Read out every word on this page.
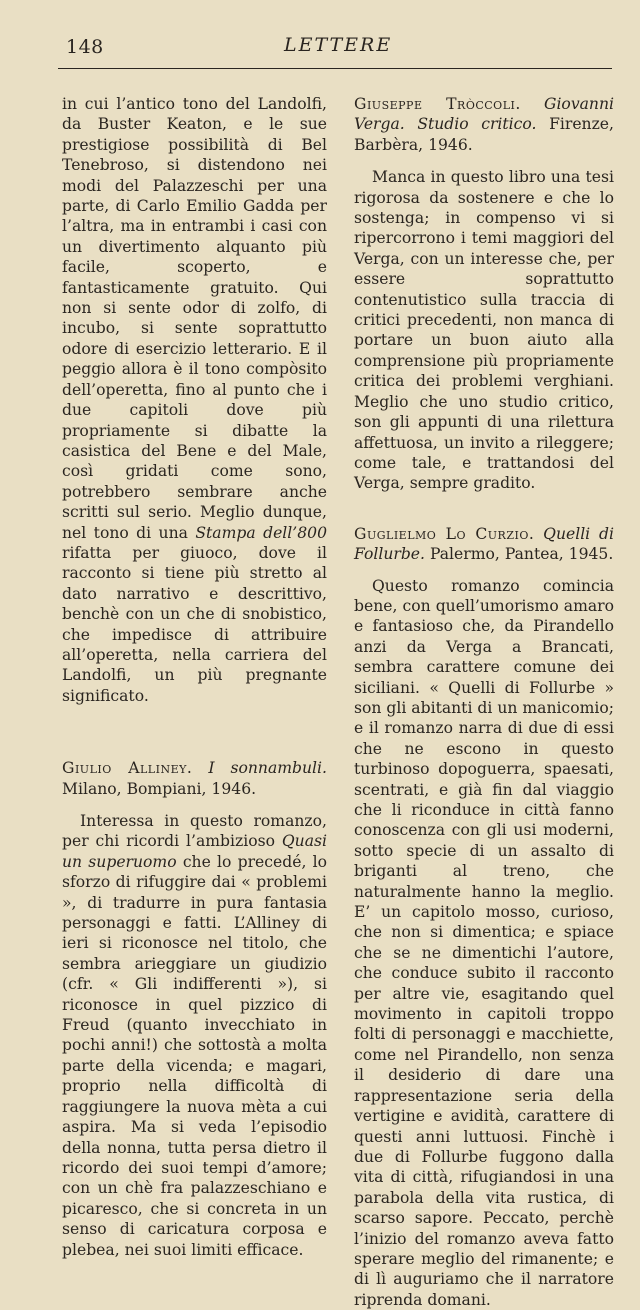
148	LETTERE

in cui l’antico tono del Landolfi, da Buster Keaton, e le sue prestigiose possibilità di Bel Tenebroso, si distendono nei modi del Palazzeschi per una parte, di Carlo Emilio Gadda per l’altra, ma in entrambi i casi con un divertimento alquanto più facile, scoperto, e fantasticamente gratuito. Qui non si sente odor di zolfo, di incubo, si sente soprattutto odore di esercizio letterario. E il peggio allora è il tono compòsito dell’operetta, fino al punto che i due capitoli dove più propriamente si dibatte la casistica del Bene e del Male, così gridati come sono, potrebbero sembrare anche scritti sul serio. Meglio dunque, nel tono di una Stampa dell’800 rifatta per giuoco, dove il racconto si tiene più stretto al dato narrativo e descrittivo, benchè con un che di snobistico, che impedisce di attribuire all’operetta, nella carriera del Landolfi, un più pregnante significato.

Giulio Alliney. I sonnambuli. Milano, Bompiani, 1946.

Interessa in questo romanzo, per chi ricordi l’ambizioso Quasi un superuomo che lo precedé, lo sforzo di rifuggire dai « problemi », di tradurre in pura fantasia personaggi e fatti. L’Alliney di ieri si riconosce nel titolo, che sembra arieggiare un giudizio (cfr. « Gli indifferenti »), si riconosce in quel pizzico di Freud (quanto invecchiato in pochi anni!) che sottostà a molta parte della vicenda; e magari, proprio nella difficoltà di raggiungere la nuova mèta a cui aspira. Ma si veda l’episodio della nonna, tutta persa dietro il ricordo dei suoi tempi d’amore; con un chè fra palazzeschiano e picaresco, che si concreta in un senso di caricatura corposa e plebea, nei suoi limiti efficace.

Giuseppe Tròccoli. Giovanni Verga. Studio critico. Firenze, Barbèra, 1946.

Manca in questo libro una tesi rigorosa da sostenere e che lo sostenga; in compenso vi si ripercorrono i temi maggiori del Verga, con un interesse che, per essere soprattutto contenutistico sulla traccia di critici precedenti, non manca di portare un buon aiuto alla comprensione più propriamente critica dei problemi verghiani. Meglio che uno studio critico, son gli appunti di una rilettura affettuosa, un invito a rileggere; come tale, e trattandosi del Verga, sempre gradito.

Guglielmo Lo Curzio. Quelli di Follurbe. Palermo, Pantea, 1945.

Questo romanzo comincia bene, con quell’umorismo amaro e fantasioso che, da Pirandello anzi da Verga a Brancati, sembra carattere comune dei siciliani. « Quelli di Follurbe » son gli abitanti di un manicomio; e il romanzo narra di due di essi che ne escono in questo turbinoso dopoguerra, spaesati, scentrati, e già fin dal viaggio che li riconduce in città fanno conoscenza con gli usi moderni, sotto specie di un assalto di briganti al treno, che naturalmente hanno la meglio. E’ un capitolo mosso, curioso, che non si dimentica; e spiace che se ne dimentichi l’autore, che conduce subito il racconto per altre vie, esagitando quel movimento in capitoli troppo folti di personaggi e macchiette, come nel Pirandello, non senza il desiderio di dare una rappresentazione seria della vertigine e avidità, carattere di questi anni luttuosi. Finchè i due di Follurbe fuggono dalla vita di città, rifugiandosi in una parabola della vita rustica, di scarso sapore. Peccato, perchè l’inizio del romanzo aveva fatto sperare meglio del rimanente; e di lì auguriamo che il narratore riprenda domani.
